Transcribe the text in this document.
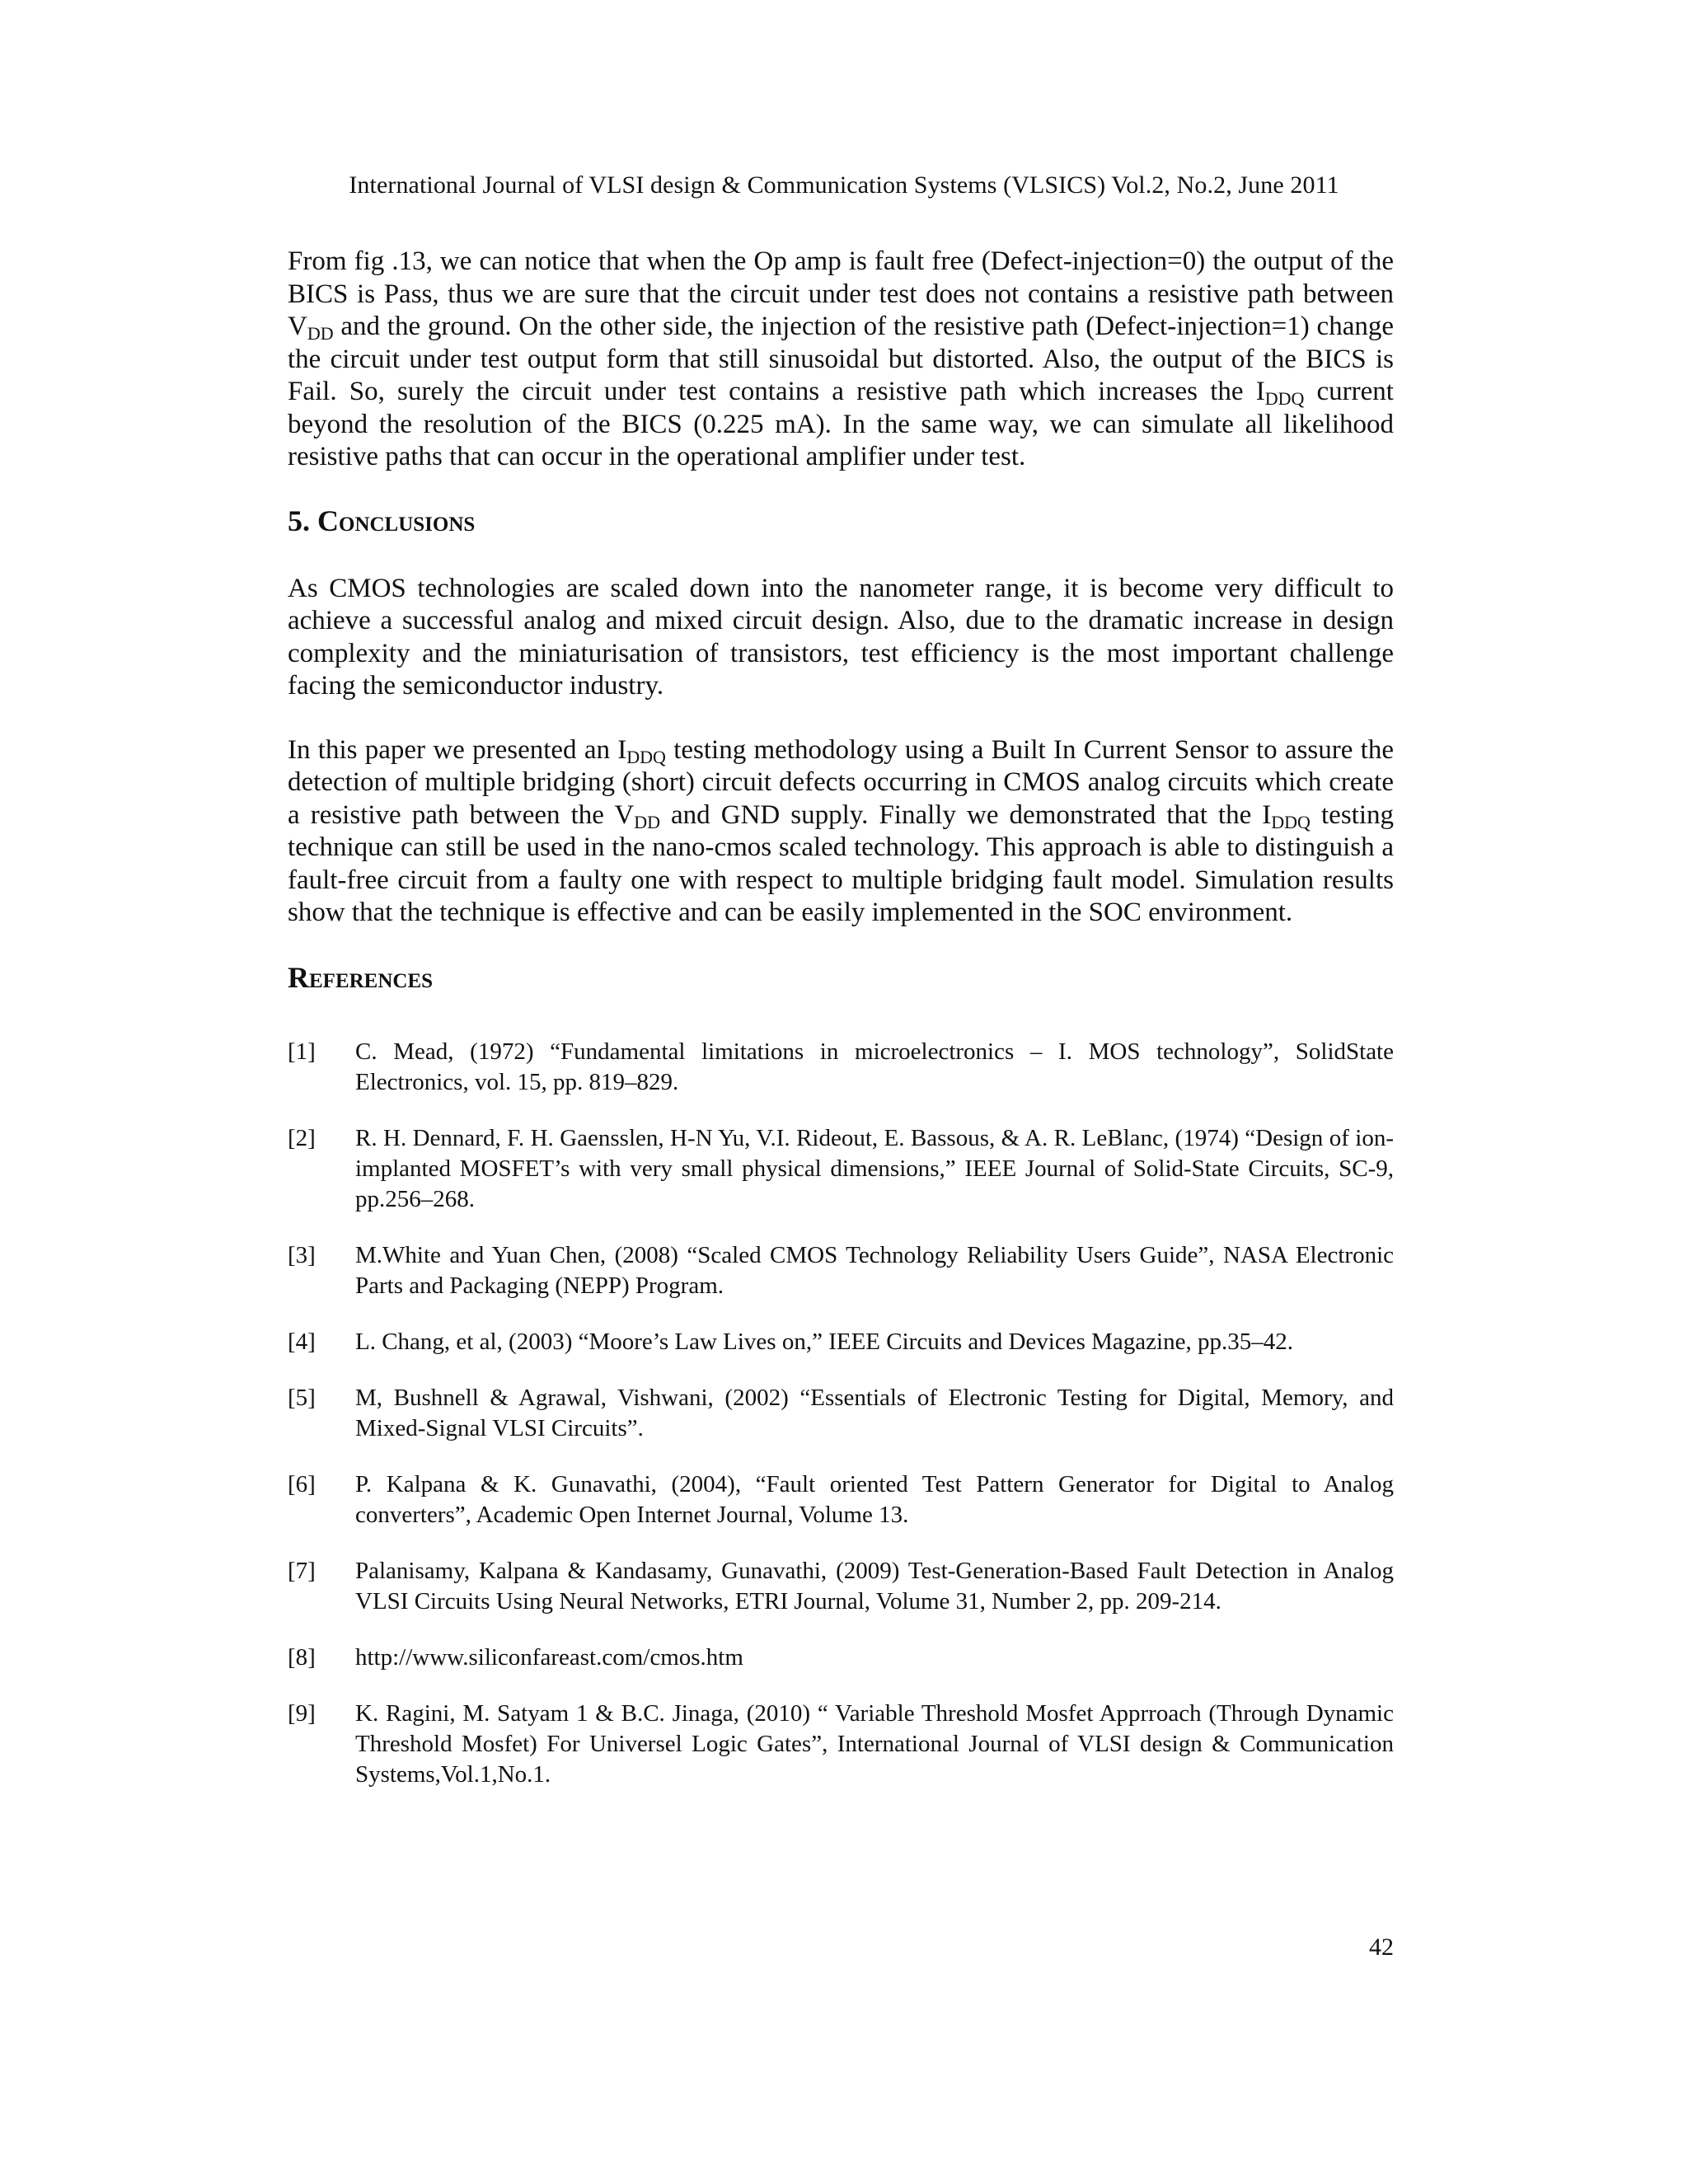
International Journal of VLSI design & Communication Systems (VLSICS) Vol.2, No.2, June 2011

From fig .13, we can notice that when the Op amp is fault free (Defect-injection=0) the output of the BICS is Pass, thus we are sure that the circuit under test does not contains a resistive path between $V_{DD}$ and the ground. On the other side, the injection of the resistive path (Defect-injection=1) change the circuit under test output form that still sinusoidal but distorted. Also, the output of the BICS is Fail. So, surely the circuit under test contains a resistive path which increases the $I_{DDQ}$ current beyond the resolution of the BICS (0.225 mA). In the same way, we can simulate all likelihood resistive paths that can occur in the operational amplifier under test.

5. Conclusions

As CMOS technologies are scaled down into the nanometer range, it is become very difficult to achieve a successful analog and mixed circuit design. Also, due to the dramatic increase in design complexity and the miniaturisation of transistors, test efficiency is the most important challenge facing the semiconductor industry.

In this paper we presented an $I_{DDQ}$ testing methodology using a Built In Current Sensor to assure the detection of multiple bridging (short) circuit defects occurring in CMOS analog circuits which create a resistive path between the $V_{DD}$ and GND supply. Finally we demonstrated that the $I_{DDQ}$ testing technique can still be used in the nano-cmos scaled technology. This approach is able to distinguish a fault-free circuit from a faulty one with respect to multiple bridging fault model. Simulation results show that the technique is effective and can be easily implemented in the SOC environment.

References
[1] C. Mead, (1972) “Fundamental limitations in microelectronics – I. MOS technology”, SolidState Electronics, vol. 15, pp. 819–829.
[2] R. H. Dennard, F. H. Gaensslen, H-N Yu, V.I. Rideout, E. Bassous, & A. R. LeBlanc, (1974) “Design of ion-implanted MOSFET’s with very small physical dimensions,” IEEE Journal of Solid-State Circuits, SC-9, pp.256–268.
[3] M.White and Yuan Chen, (2008) “Scaled CMOS Technology Reliability Users Guide”, NASA Electronic Parts and Packaging (NEPP) Program.
[4] L. Chang, et al, (2003) “Moore’s Law Lives on,” IEEE Circuits and Devices Magazine, pp.35–42.
[5] M, Bushnell & Agrawal, Vishwani, (2002) “Essentials of Electronic Testing for Digital, Memory, and Mixed-Signal VLSI Circuits”.
[6] P. Kalpana & K. Gunavathi, (2004), “Fault oriented Test Pattern Generator for Digital to Analog converters”, Academic Open Internet Journal, Volume 13.
[7] Palanisamy, Kalpana & Kandasamy, Gunavathi, (2009) Test-Generation-Based Fault Detection in Analog VLSI Circuits Using Neural Networks, ETRI Journal, Volume 31, Number 2, pp. 209-214.
[8] http://www.siliconfareast.com/cmos.htm
[9] K. Ragini, M. Satyam 1 & B.C. Jinaga, (2010) “ Variable Threshold Mosfet Apprroach (Through Dynamic Threshold Mosfet) For Universel Logic Gates”, International Journal of VLSI design & Communication Systems,Vol.1,No.1.
42
